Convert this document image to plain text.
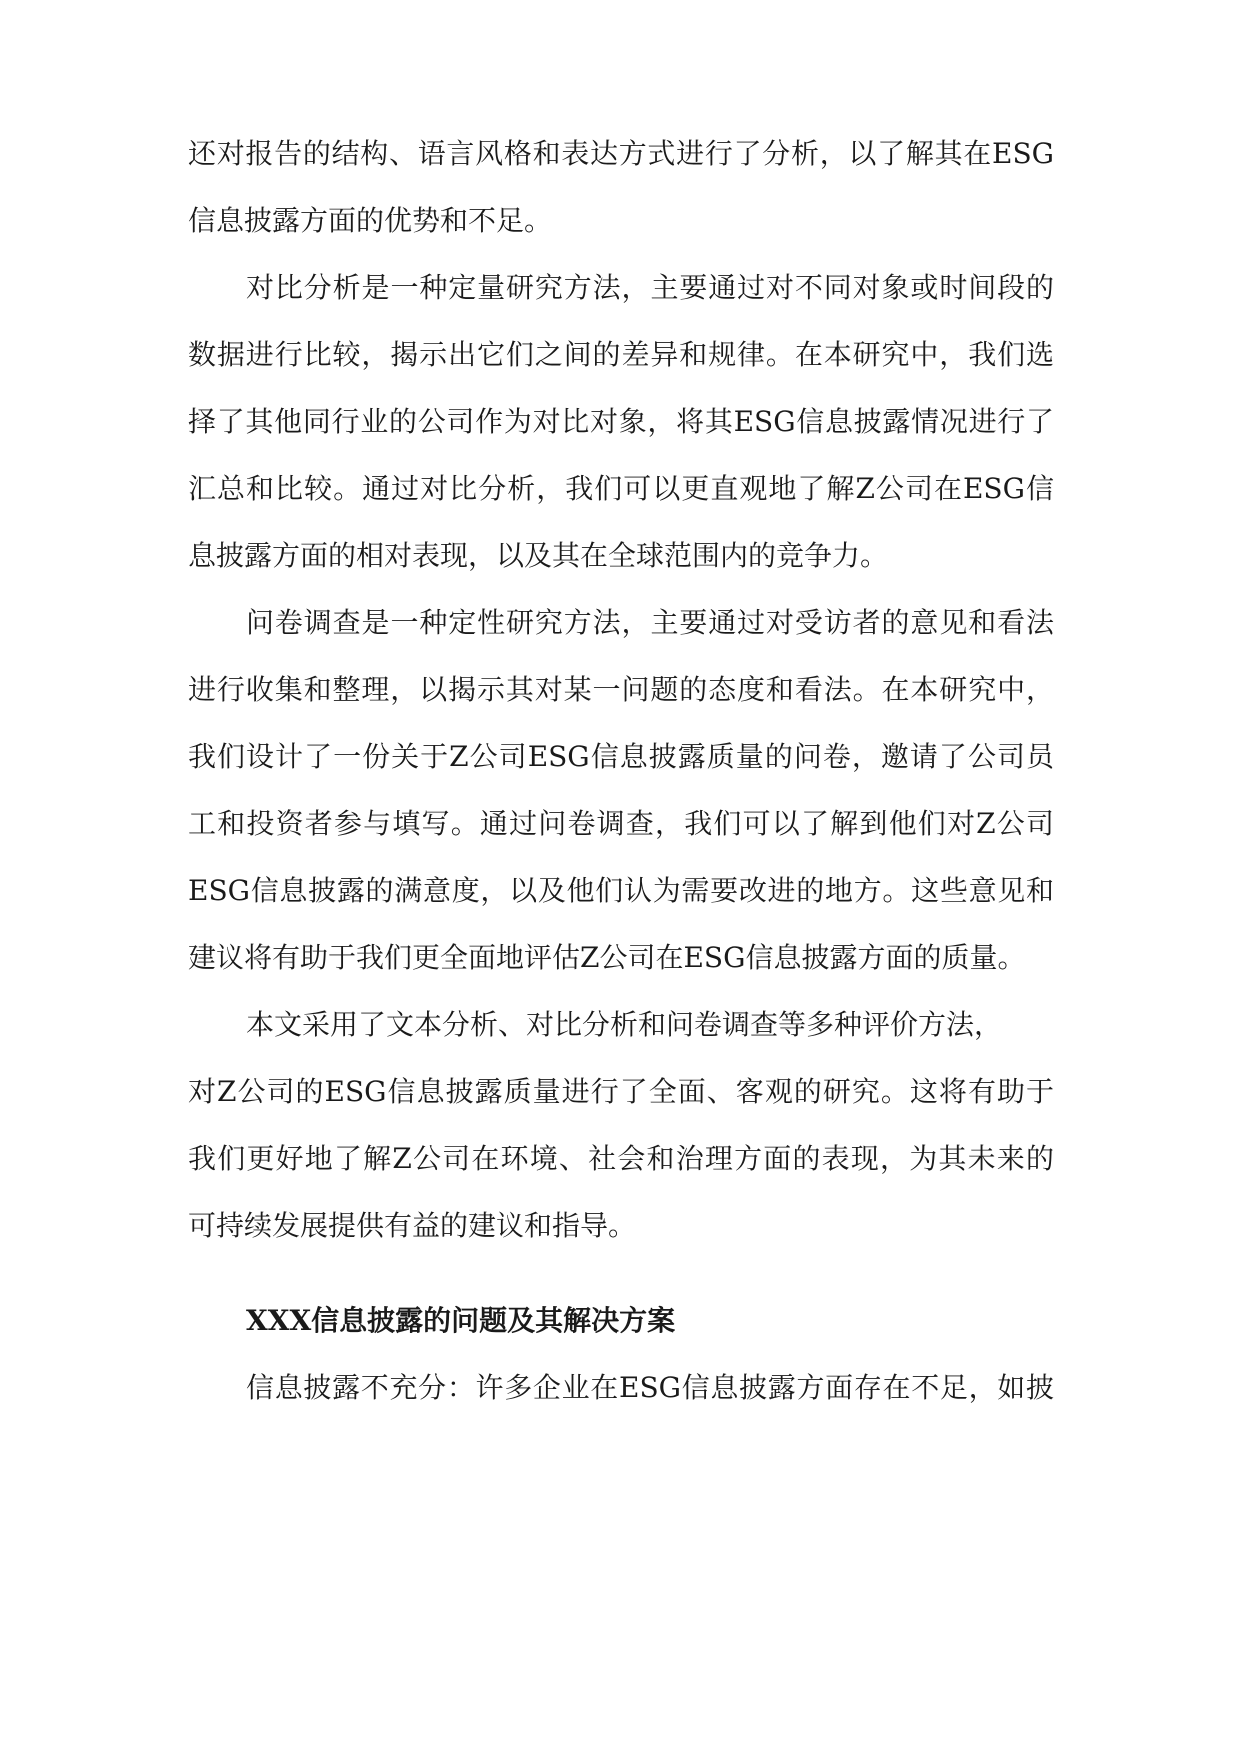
还对报告的结构、语言风格和表达方式进行了分析，以了解其在ESG
信息披露方面的优势和不足。
对比分析是一种定量研究方法，主要通过对不同对象或时间段的
数据进行比较，揭示出它们之间的差异和规律。在本研究中，我们选
择了其他同行业的公司作为对比对象，将其ESG信息披露情况进行了
汇总和比较。通过对比分析，我们可以更直观地了解Z公司在ESG信
息披露方面的相对表现，以及其在全球范围内的竞争力。
问卷调查是一种定性研究方法，主要通过对受访者的意见和看法
进行收集和整理，以揭示其对某一问题的态度和看法。在本研究中，
我们设计了一份关于Z公司ESG信息披露质量的问卷，邀请了公司员
工和投资者参与填写。通过问卷调查，我们可以了解到他们对Z公司
ESG信息披露的满意度，以及他们认为需要改进的地方。这些意见和
建议将有助于我们更全面地评估Z公司在ESG信息披露方面的质量。
本文采用了文本分析、对比分析和问卷调查等多种评价方法，
对Z公司的ESG信息披露质量进行了全面、客观的研究。这将有助于
我们更好地了解Z公司在环境、社会和治理方面的表现，为其未来的
可持续发展提供有益的建议和指导。
XXX信息披露的问题及其解决方案
信息披露不充分：许多企业在ESG信息披露方面存在不足，如披
